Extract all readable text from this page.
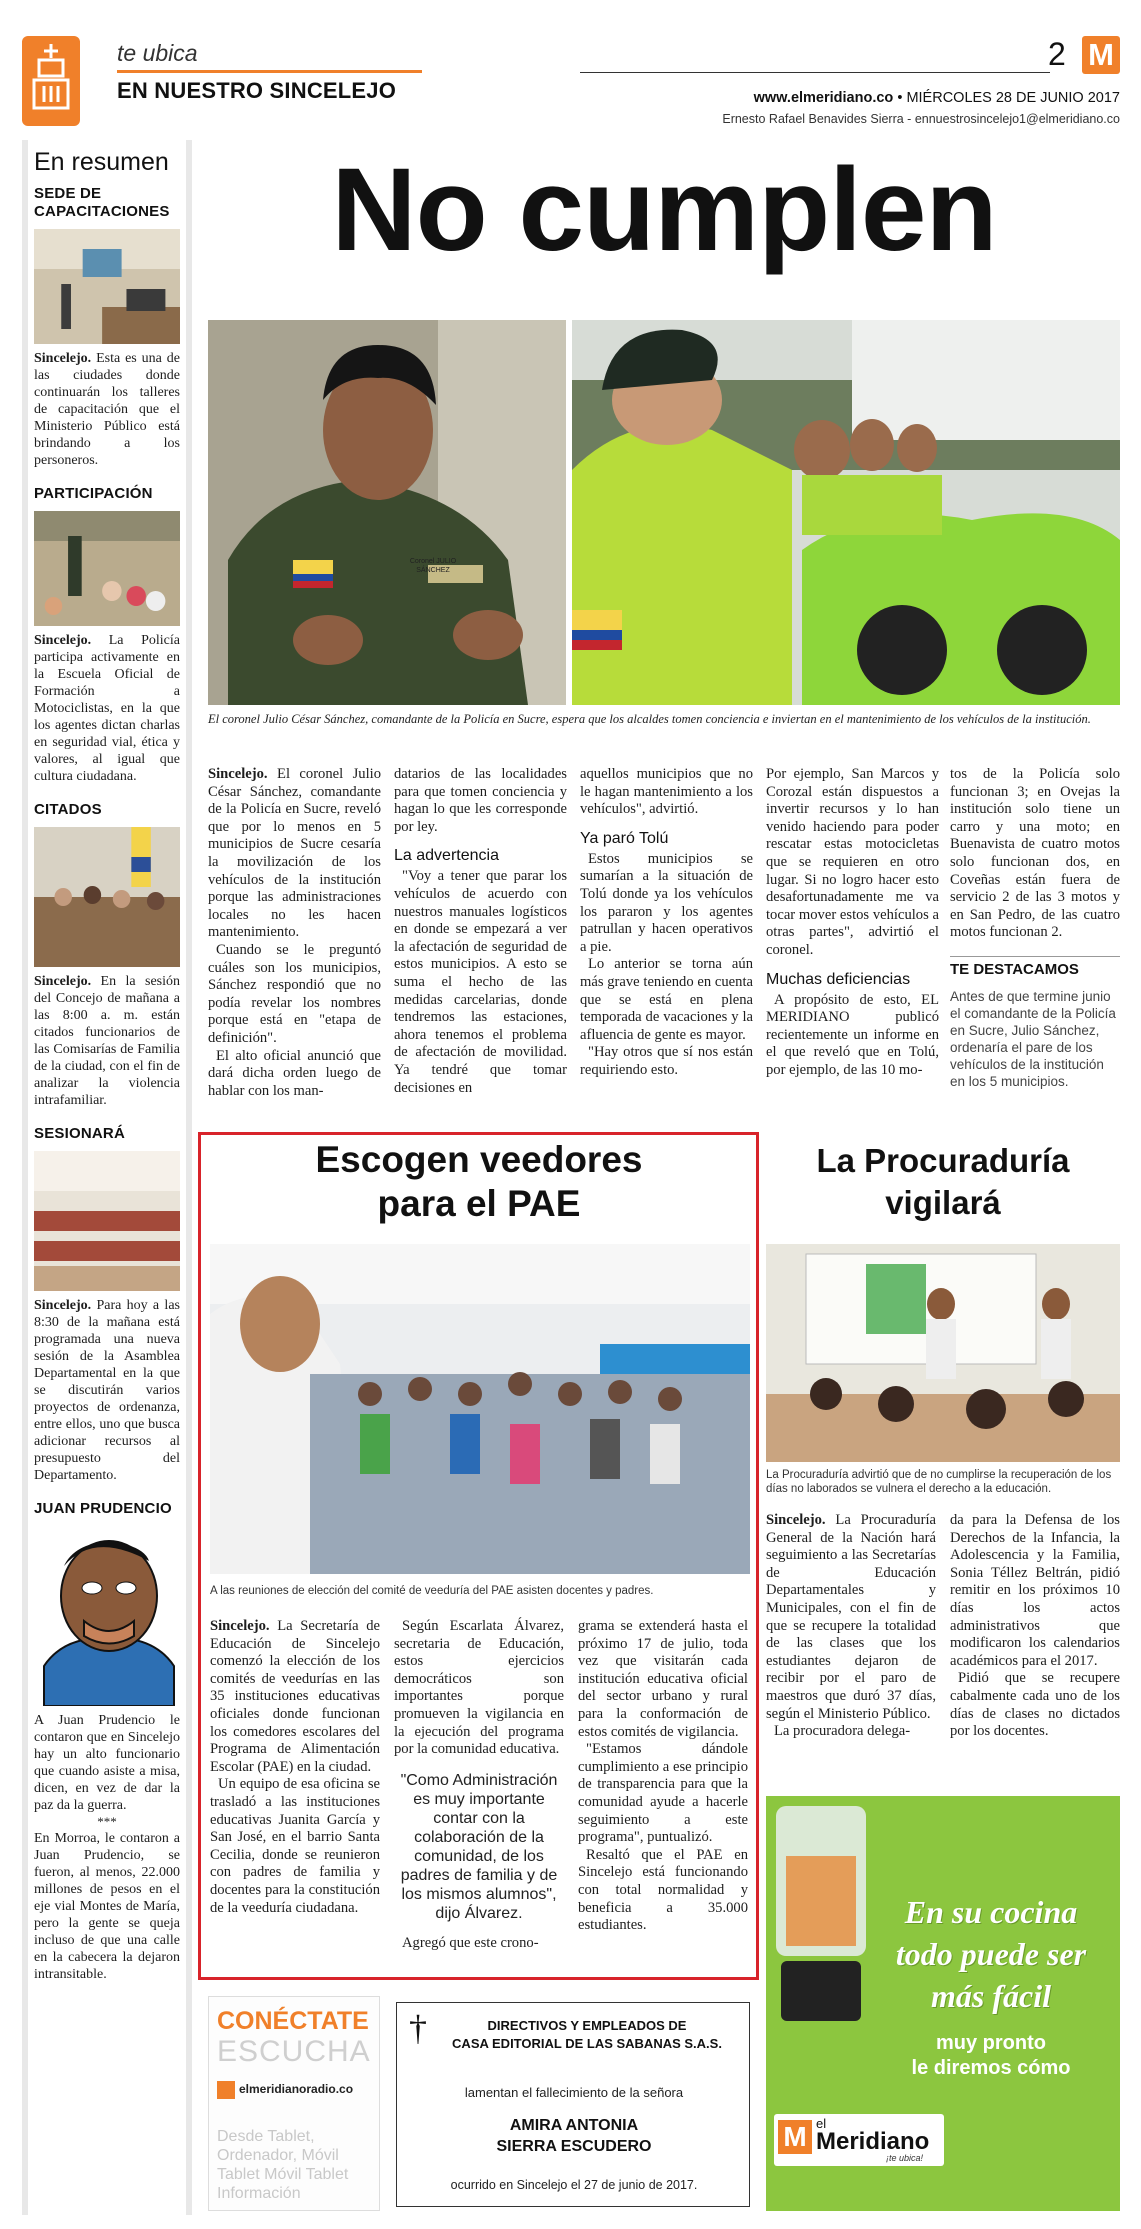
te ubica
EN NUESTRO SINCELEJO
2 M
www.elmeridiano.co • MIÉRCOLES 28 DE JUNIO 2017
Ernesto Rafael Benavides Sierra - ennuestrosincelejo1@elmeridiano.co
En resumen
SEDE DE CAPACITACIONES

Sincelejo. Esta es una de las ciudades donde continuarán los talleres de capacitación que el Ministerio Público está brindando a los personeros.

PARTICIPACIÓN

Sincelejo. La Policía participa activamente en la Escuela Oficial de Formación a Motociclistas, en la que los agentes dictan charlas en seguridad vial, ética y valores, al igual que cultura ciudadana.

CITADOS

Sincelejo. En la sesión del Concejo de mañana a las 8:00 a. m. están citados funcionarios de las Comisarías de Familia de la ciudad, con el fin de analizar la violencia intrafamiliar.

SESIONARÁ

Sincelejo. Para hoy a las 8:30 de la mañana está programada una nueva sesión de la Asamblea Departamental en la que se discutirán varios proyectos de ordenanza, entre ellos, uno que busca adicionar recursos al presupuesto del Departamento.

JUAN PRUDENCIO

A Juan Prudencio le contaron que en Sincelejo hay un alto funcionario que cuando asiste a misa, dicen, en vez de dar la paz da la guerra.

***

En Morroa, le contaron a Juan Prudencio, se fueron, al menos, 22.000 millones de pesos en el eje vial Montes de María, pero la gente se queja incluso de que una calle en la cabecera la dejaron intransitable.

No cumplen
Coronel JULIO SÁNCHEZ
El coronel Julio César Sánchez, comandante de la Policía en Sucre, espera que los alcaldes tomen conciencia e inviertan en el mantenimiento de los vehículos de la institución.

Sincelejo. El coronel Julio César Sánchez, comandante de la Policía en Sucre, reveló que por lo menos en 5 municipios de Sucre cesaría la movilización de los vehículos de la institución porque las administraciones locales no les hacen mantenimiento.

Cuando se le preguntó cuáles son los municipios, Sánchez respondió que no podía revelar los nombres porque está en "etapa de definición".

El alto oficial anunció que dará dicha orden luego de hablar con los man-

datarios de las localidades para que tomen conciencia y hagan lo que les corresponde por ley.

La advertencia

"Voy a tener que parar los vehículos de acuerdo con nuestros manuales logísticos en donde se empezará a ver la afectación de seguridad de estos municipios. A esto se suma el hecho de las medidas carcelarias, donde tendremos las estaciones, ahora tenemos el problema de afectación de movilidad. Ya tendré que tomar decisiones en

aquellos municipios que no le hagan mantenimiento a los vehículos", advirtió.

Ya paró Tolú

Estos municipios se sumarían a la situación de Tolú donde ya los vehículos los pararon y los agentes patrullan y hacen operativos a pie.

Lo anterior se torna aún más grave teniendo en cuenta que se está en plena temporada de vacaciones y la afluencia de gente es mayor.

"Hay otros que sí nos están requiriendo esto.

Por ejemplo, San Marcos y Corozal están dispuestos a invertir recursos y lo han venido haciendo para poder rescatar estas motocicletas que se requieren en otro lugar. Si no logro hacer esto desafortunadamente me va tocar mover estos vehículos a otras partes", advirtió el coronel.

Muchas deficiencias

A propósito de esto, EL MERIDIANO publicó recientemente un informe en el que reveló que en Tolú, por ejemplo, de las 10 mo-

tos de la Policía solo funcionan 3; en Ovejas la institución solo tiene un carro y una moto; en Buenavista de cuatro motos solo funcionan dos, en Coveñas están fuera de servicio 2 de las 3 motos y en San Pedro, de las cuatro motos funcionan 2.

TE DESTACAMOS
Antes de que termine junio el comandante de la Policía en Sucre, Julio Sánchez, ordenaría el pare de los vehículos de la institución en los 5 municipios.
Escogen veedores
para el PAE
A las reuniones de elección del comité de veeduría del PAE asisten docentes y padres.

Sincelejo. La Secretaría de Educación de Sincelejo comenzó la elección de los comités de veedurías en las 35 instituciones educativas oficiales donde funcionan los comedores escolares del Programa de Alimentación Escolar (PAE) en la ciudad.

Un equipo de esa oficina se trasladó a las instituciones educativas Juanita García y San José, en el barrio Santa Cecilia, donde se reunieron con padres de familia y docentes para la constitución de la veeduría ciudadana.

Según Escarlata Álvarez, secretaria de Educación, estos ejercicios democráticos son importantes porque promueven la vigilancia en la ejecución del programa por la comunidad educativa.

"Como Administración es muy importante contar con la colaboración de la comunidad, de los padres de familia y de los mismos alumnos", dijo Álvarez.

Agregó que este crono-

grama se extenderá hasta el próximo 17 de julio, toda vez que visitarán cada institución educativa oficial del sector urbano y rural para la conformación de estos comités de vigilancia.

"Estamos dándole cumplimiento a ese principio de transparencia para que la comunidad ayude a hacerle seguimiento a este programa", puntualizó.

Resaltó que el PAE en Sincelejo está funcionando con total normalidad y beneficia a 35.000 estudiantes.

La Procuraduría
vigilará
La Procuraduría advirtió que de no cumplirse la recuperación de los días no laborados se vulnera el derecho a la educación.

Sincelejo. La Procuraduría General de la Nación hará seguimiento a las Secretarías de Educación Departamentales y Municipales, con el fin de que se recupere la totalidad de las clases que los estudiantes dejaron de recibir por el paro de maestros que duró 37 días, según el Ministerio Público.

La procuradora delega-

da para la Defensa de los Derechos de la Infancia, la Adolescencia y la Familia, Sonia Téllez Beltrán, pidió remitir en los próximos 10 días los actos administrativos que modificaron los calendarios académicos para el 2017.

Pidió que se recupere cabalmente cada uno de los días de clases no dictados por los docentes.

En su cocina
todo puede ser
más fácil
muy pronto
le diremos cómo
M el
Meridiano
¡te ubica!
CONÉCTATE
ESCUCHA
elmeridianoradio.co
Desde Tablet, Ordenador, Móvil Tablet Móvil Tablet Información
†	DIRECTIVOS Y EMPLEADOS DE
CASA EDITORIAL DE LAS SABANAS S.A.S.
lamentan el fallecimiento de la señora
AMIRA ANTONIA
SIERRA ESCUDERO
ocurrido en Sincelejo el 27 de junio de 2017.
